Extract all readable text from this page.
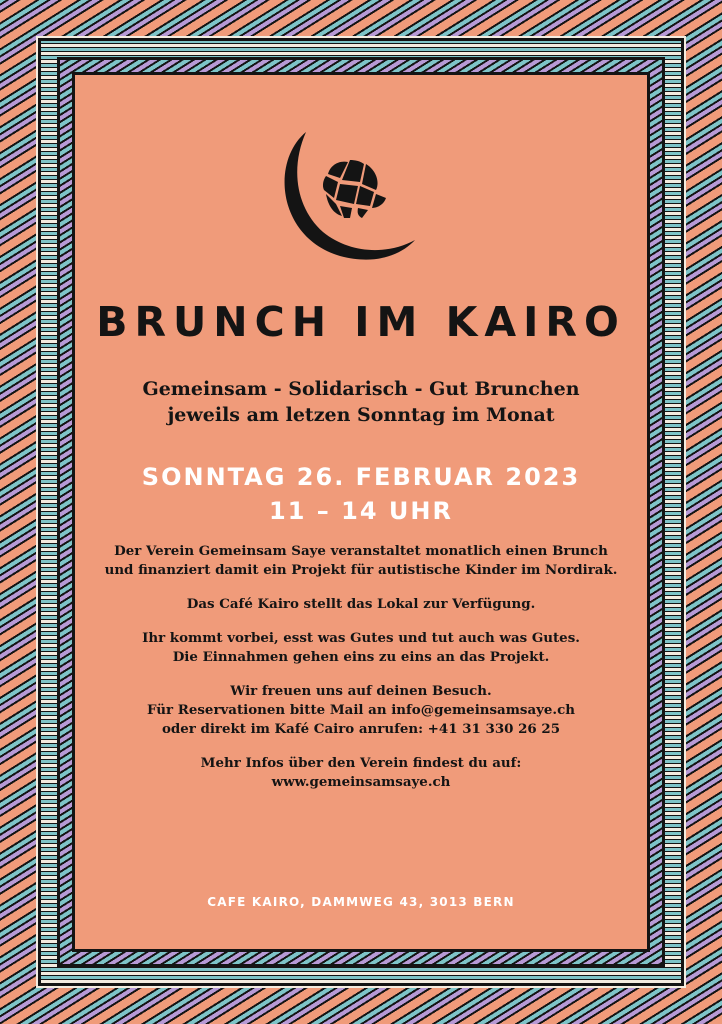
BRUNCH IM KAIRO
Gemeinsam - Solidarisch - Gut Brunchen
jeweils am letzen Sonntag im Monat
SONNTAG 26. FEBRUAR 2023
11 – 14 UHR

Der Verein Gemeinsam Saye veranstaltet monatlich einen Brunch
und finanziert damit ein Projekt für autistische Kinder im Nordirak.

Das Café Kairo stellt das Lokal zur Verfügung.

Ihr kommt vorbei, esst was Gutes und tut auch was Gutes.
Die Einnahmen gehen eins zu eins an das Projekt.

Wir freuen uns auf deinen Besuch.
Für Reservationen bitte Mail an info@gemeinsamsaye.ch
oder direkt im Kafé Cairo anrufen: +41 31 330 26 25

Mehr Infos über den Verein findest du auf:
www.gemeinsamsaye.ch

CAFE KAIRO, DAMMWEG 43, 3013 BERN
